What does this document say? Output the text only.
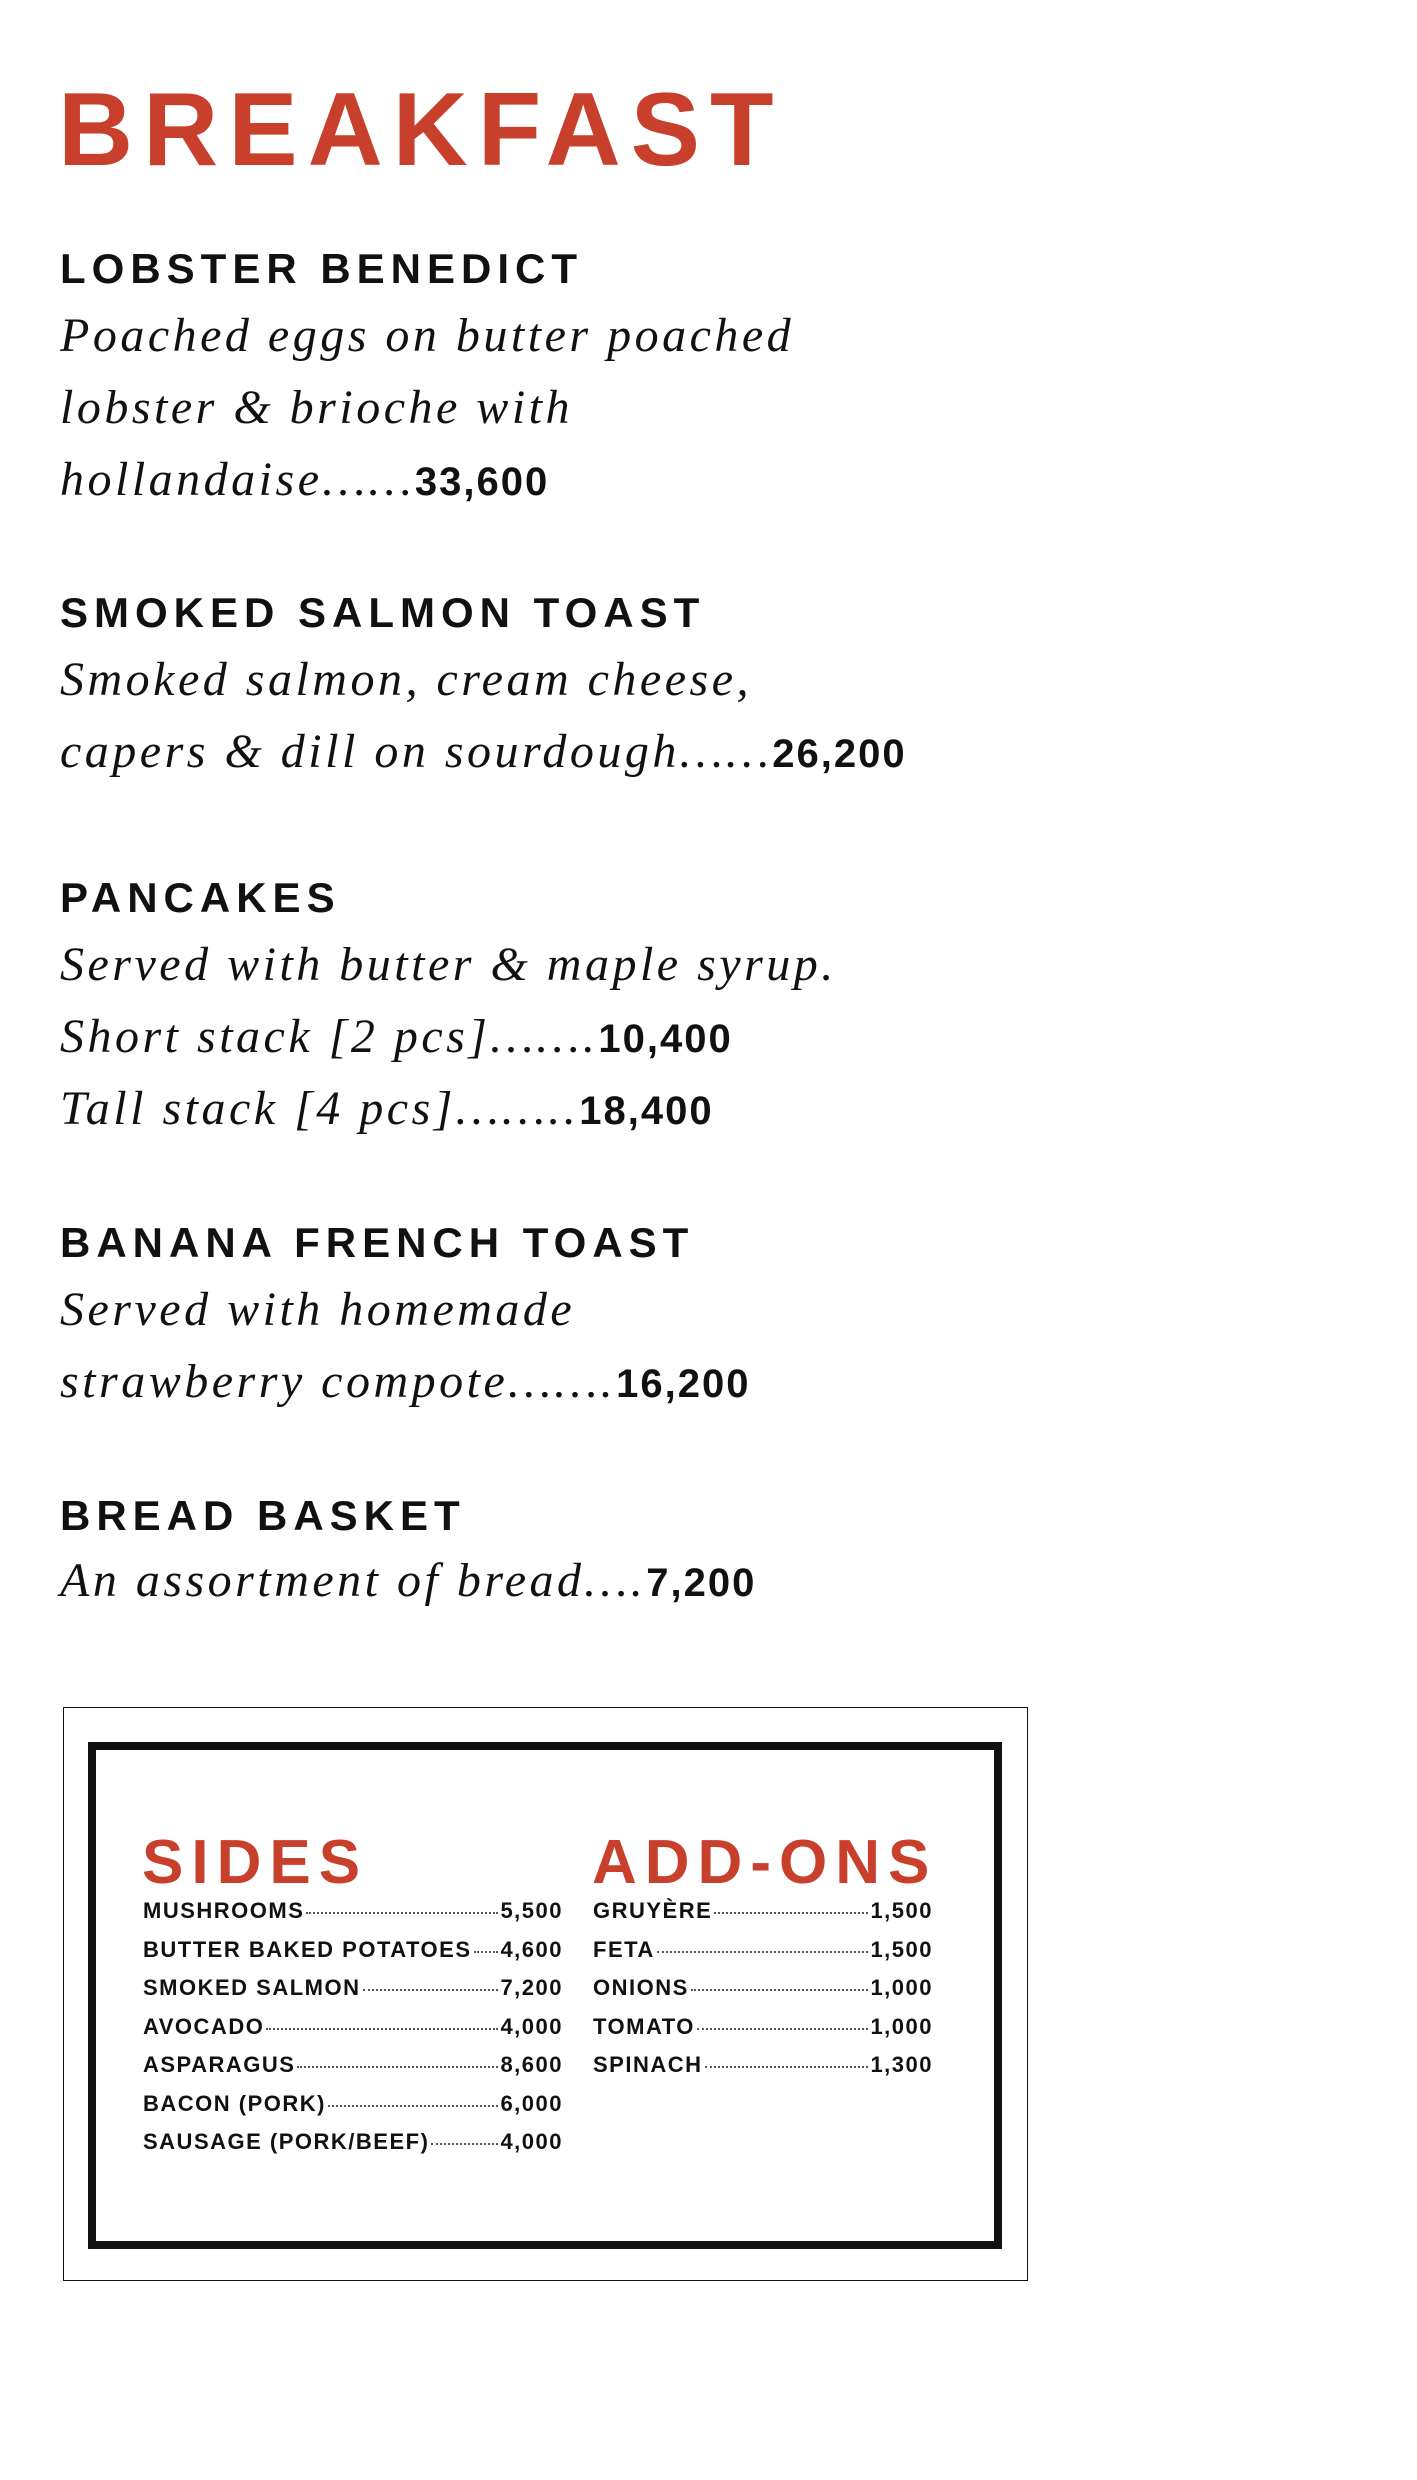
BREAKFAST
LOBSTER BENEDICT
Poached eggs on butter poached
lobster & brioche with
hollandaise……33,600
SMOKED SALMON TOAST
Smoked salmon, cream cheese,
capers & dill on sourdough……26,200
PANCAKES
Served with butter & maple syrup.
Short stack [2 pcs]…….10,400
Tall stack [4 pcs]……..18,400
BANANA FRENCH TOAST
Served with homemade
strawberry compote…….16,200
BREAD BASKET
An assortment of bread….7,200
SIDES
MUSHROOMS	5,500
BUTTER BAKED POTATOES 4,600
SMOKED SALMON	7,200
AVOCADO	4,000
ASPARAGUS	8,600
BACON (PORK)	6,000
SAUSAGE (PORK/BEEF)	4,000
ADD-ONS
GRUYÈRE	1,500
FETA	1,500
ONIONS	1,000
TOMATO	1,000
SPINACH	1,300
